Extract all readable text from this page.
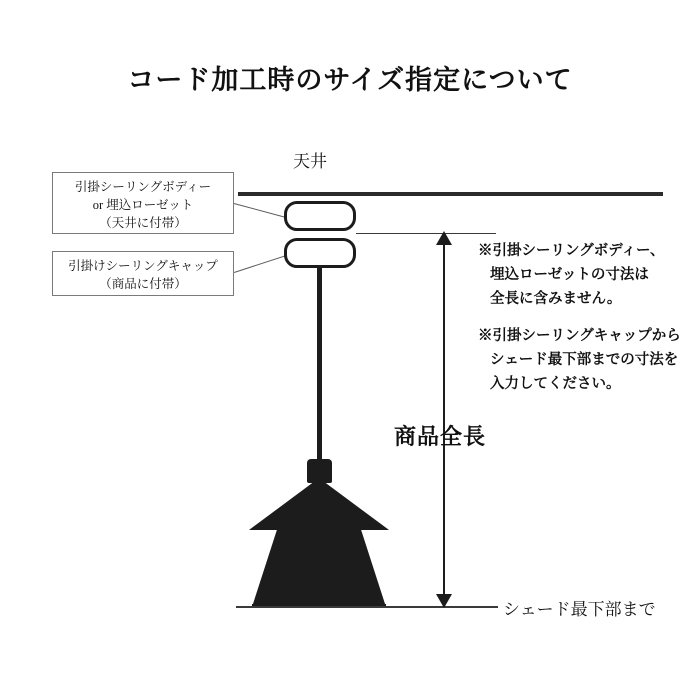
コード加工時のサイズ指定について
天井
引掛シーリングボディー
or 埋込ローゼット
（天井に付帯）
引掛けシーリングキャップ
（商品に付帯）
商品全長
※引掛シーリングボディー、
埋込ローゼットの寸法は
全長に含みません。
※引掛シーリングキャップから
シェード最下部までの寸法を
入力してください。
シェード最下部まで
